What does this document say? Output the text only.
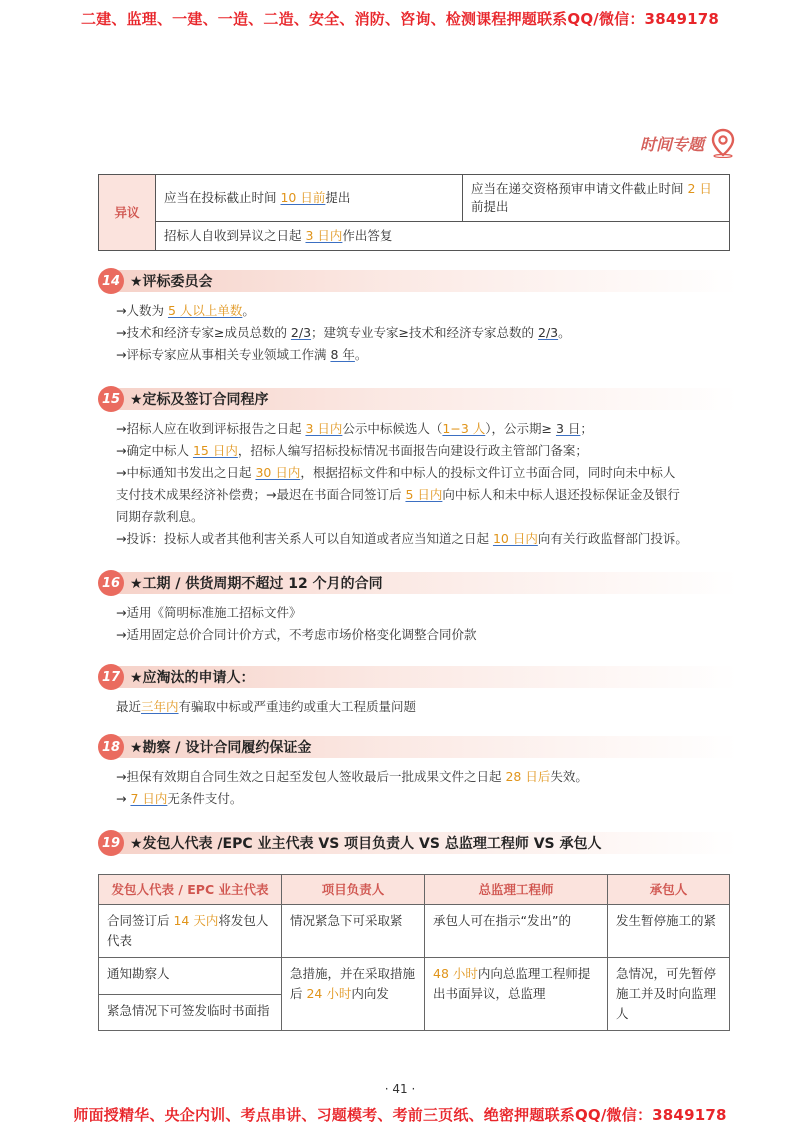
二建、监理、一建、一造、二造、安全、消防、咨询、检测课程押题联系QQ/微信：3849178
时间专题
异议	应当在投标截止时间 10 日前提出	应当在递交资格预审申请文件截止时间 2 日前提出
招标人自收到异议之日起 3 日内作出答复
14 ★评标委员会
→人数为 5 人以上单数。
→技术和经济专家≥成员总数的 2/3；建筑专业专家≥技术和经济专家总数的 2/3。
→评标专家应从事相关专业领域工作满 8 年。
15 ★定标及签订合同程序
→招标人应在收到评标报告之日起 3 日内公示中标候选人（1−3 人），公示期≥ 3 日；
→确定中标人 15 日内，招标人编写招标投标情况书面报告向建设行政主管部门备案；
→中标通知书发出之日起 30 日内，根据招标文件和中标人的投标文件订立书面合同，同时向未中标人
支付技术成果经济补偿费；→最迟在书面合同签订后 5 日内向中标人和未中标人退还投标保证金及银行
同期存款利息。
→投诉：投标人或者其他利害关系人可以自知道或者应当知道之日起 10 日内向有关行政监督部门投诉。
16 ★工期 / 供货周期不超过 12 个月的合同
→适用《简明标准施工招标文件》
→适用固定总价合同计价方式，不考虑市场价格变化调整合同价款
17 ★应淘汰的申请人：
最近三年内有骗取中标或严重违约或重大工程质量问题
18 ★勘察 / 设计合同履约保证金
→担保有效期自合同生效之日起至发包人签收最后一批成果文件之日起 28 日后失效。
→ 7 日内无条件支付。
19 ★发包人代表 /EPC 业主代表 VS 项目负责人 VS 总监理工程师 VS 承包人
发包人代表 / EPC 业主代表	项目负责人	总监理工程师	承包人
合同签订后 14 天内将发包人代表	情况紧急下可采取紧	承包人可在指示“发出”的	发生暂停施工的紧
通知勘察人	急措施，并在采取措施后 24 小时内向发	48 小时内向总监理工程师提出书面异议，总监理	急情况，可先暂停施工并及时向监理人
紧急情况下可签发临时书面指			
· 41 ·
师面授精华、央企内训、考点串讲、习题模考、考前三页纸、绝密押题联系QQ/微信：3849178
